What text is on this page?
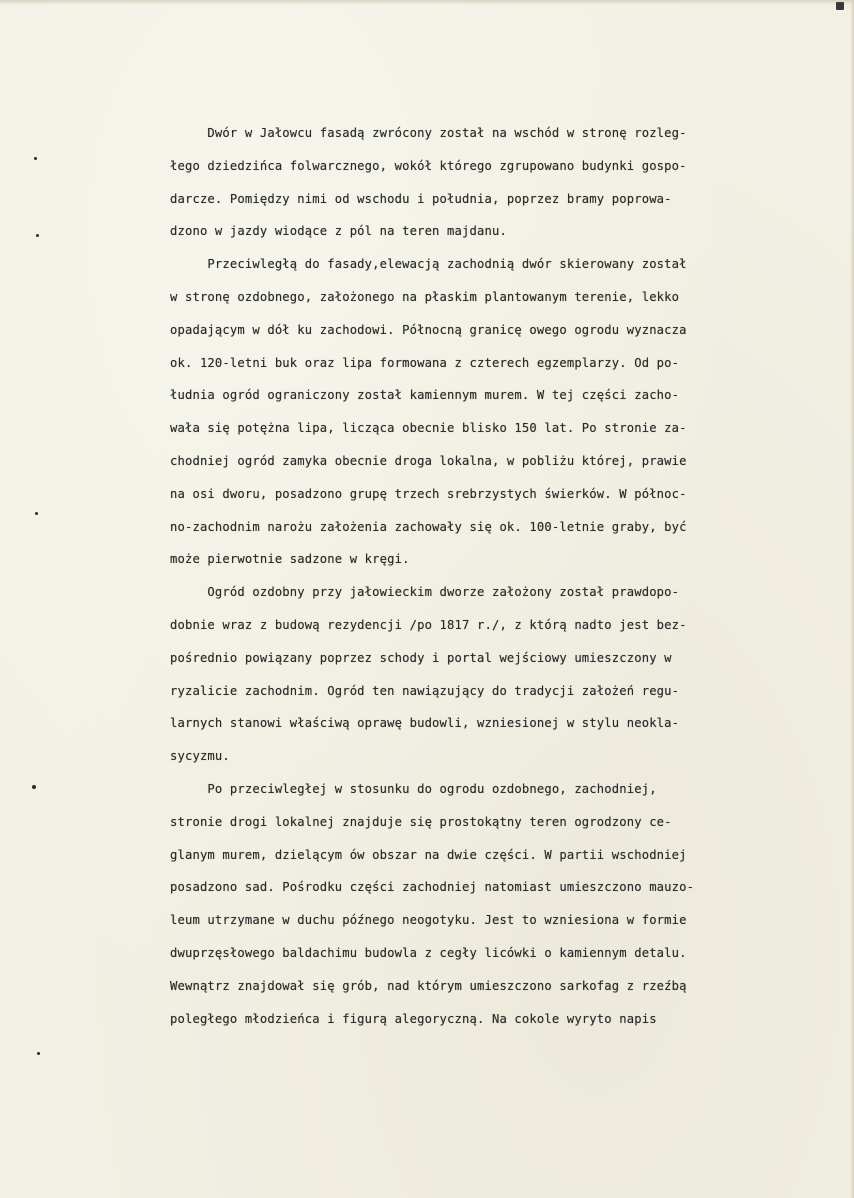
Dwór w Jałowcu fasadą zwrócony został na wschód w stronę rozleg-
łego dziedzińca folwarcznego, wokół którego zgrupowano budynki gospo-
darcze. Pomiędzy nimi od wschodu i południa, poprzez bramy poprowa-
dzono w jazdy wiodące z pól na teren majdanu.
Przeciwległą do fasady,elewacją zachodnią dwór skierowany został
w stronę ozdobnego, założonego na płaskim plantowanym terenie, lekko
opadającym w dół ku zachodowi. Północną granicę owego ogrodu wyznacza
ok. 120-letni buk oraz lipa formowana z czterech egzemplarzy. Od po-
łudnia ogród ograniczony został kamiennym murem. W tej części zacho-
wała się potężna lipa, licząca obecnie blisko 150 lat. Po stronie za-
chodniej ogród zamyka obecnie droga lokalna, w pobliżu której, prawie
na osi dworu, posadzono grupę trzech srebrzystych świerków. W północ-
no-zachodnim narożu założenia zachowały się ok. 100-letnie graby, być
może pierwotnie sadzone w kręgi.
Ogród ozdobny przy jałowieckim dworze założony został prawdopo-
dobnie wraz z budową rezydencji /po 1817 r./, z którą nadto jest bez-
pośrednio powiązany poprzez schody i portal wejściowy umieszczony w
ryzalicie zachodnim. Ogród ten nawiązujący do tradycji założeń regu-
larnych stanowi właściwą oprawę budowli, wzniesionej w stylu neokla-
sycyzmu.
Po przeciwległej w stosunku do ogrodu ozdobnego, zachodniej,
stronie drogi lokalnej znajduje się prostokątny teren ogrodzony ce-
glanym murem, dzielącym ów obszar na dwie części. W partii wschodniej
posadzono sad. Pośrodku części zachodniej natomiast umieszczono mauzo-
leum utrzymane w duchu późnego neogotyku. Jest to wzniesiona w formie
dwuprzęsłowego baldachimu budowla z cegły licówki o kamiennym detalu.
Wewnątrz znajdował się grób, nad którym umieszczono sarkofag z rzeźbą
poległego młodzieńca i figurą alegoryczną. Na cokole wyryto napis
